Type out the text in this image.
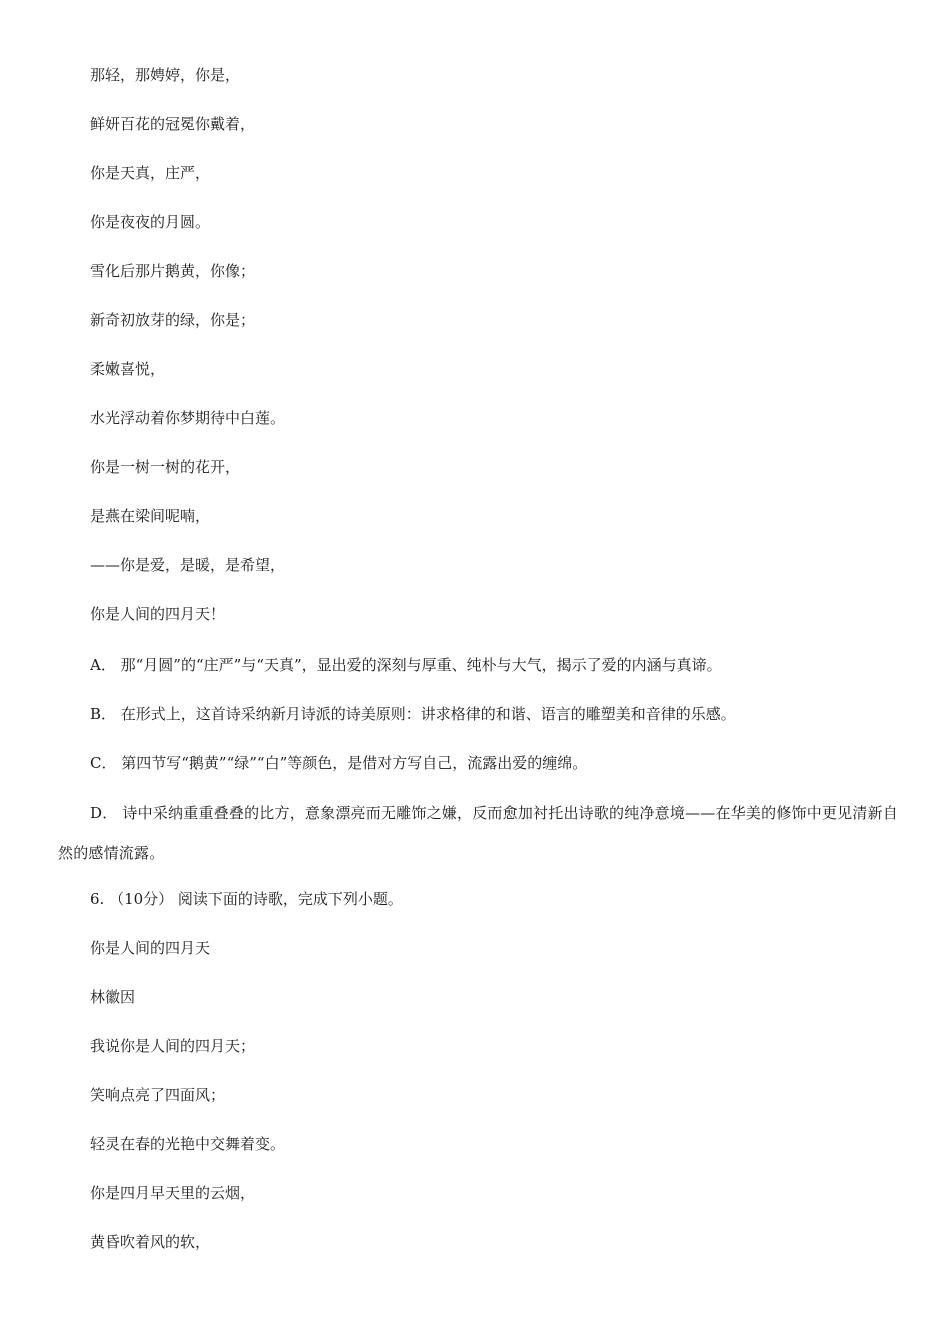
那轻，那娉婷，你是，
鲜妍百花的冠冕你戴着，
你是天真，庄严，
你是夜夜的月圆。
雪化后那片鹅黄，你像；
新奇初放芽的绿，你是；
柔嫩喜悦，
水光浮动着你梦期待中白莲。
你是一树一树的花开，
是燕在梁间呢喃，
——你是爱，是暖，是希望，
你是人间的四月天！
A． 那“月圆”的“庄严”与“天真”，显出爱的深刻与厚重、纯朴与大气，揭示了爱的内涵与真谛。
B． 在形式上，这首诗采纳新月诗派的诗美原则：讲求格律的和谐、语言的雕塑美和音律的乐感。
C． 第四节写“鹅黄”“绿”“白”等颜色，是借对方写自己，流露出爱的缠绵。
D． 诗中采纳重重叠叠的比方，意象漂亮而无雕饰之嫌，反而愈加衬托出诗歌的纯净意境——在华美的修饰中更见清新自然的感情流露。
6. （10分） 阅读下面的诗歌，完成下列小题。
你是人间的四月天
林徽因
我说你是人间的四月天；
笑响点亮了四面风；
轻灵在春的光艳中交舞着变。
你是四月早天里的云烟，
黄昏吹着风的软，
